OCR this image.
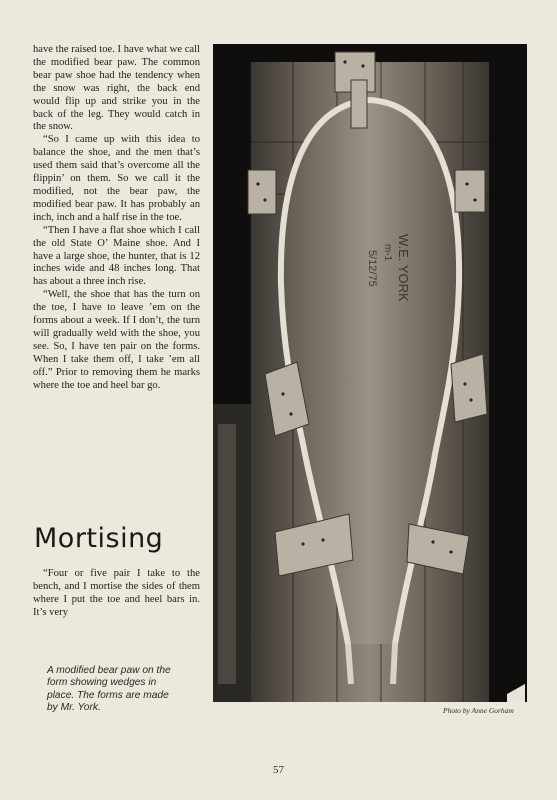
have the raised toe. I have what we call the modified bear paw. The common bear paw shoe had the tendency when the snow was right, the back end would flip up and strike you in the back of the leg. They would catch in the snow.

“So I came up with this idea to balance the shoe, and the men that’s used them said that’s overcome all the flippin’ on them. So we call it the modified, not the bear paw, the modified bear paw. It has probably an inch, inch and a half rise in the toe.

“Then I have a flat shoe which I call the old State O’ Maine shoe. And I have a large shoe, the hunter, that is 12 inches wide and 48 inches long. That has about a three inch rise.

“Well, the shoe that has the turn on the toe, I have to leave ’em on the forms about a week. If I don’t, the turn will gradually weld with the shoe, you see. So, I have ten pair on the forms. When I take them off, I take ’em all off.” Prior to removing them he marks where the toe and heel bar go.

Mortising

“Four or five pair I take to the bench, and I mortise the sides of them where I put the toe and heel bars in. It’s very

A modified bear paw on the form showing wedges in place. The forms are made by Mr. York.
W.E. YORK
m-1
5/12/75
Photo by Anne Gorham
57
